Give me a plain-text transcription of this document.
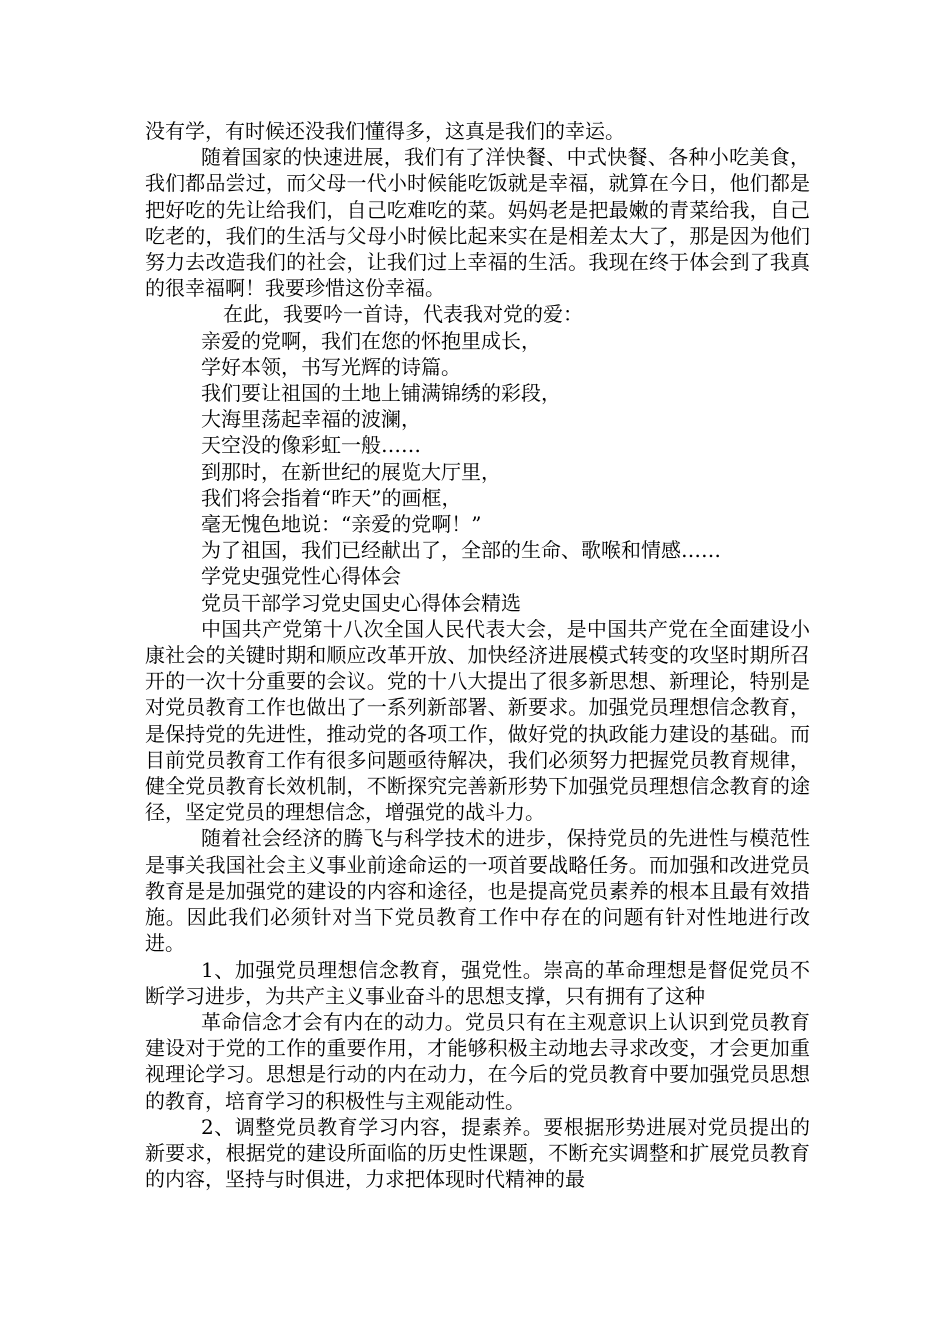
没有学，有时候还没我们懂得多，这真是我们的幸运。

随着国家的快速进展，我们有了洋快餐、中式快餐、各种小吃美食，我们都品尝过，而父母一代小时候能吃饭就是幸福，就算在今日，他们都是把好吃的先让给我们，自己吃难吃的菜。妈妈老是把最嫩的青菜给我，自己吃老的，我们的生活与父母小时候比起来实在是相差太大了，那是因为他们努力去改造我们的社会，让我们过上幸福的生活。我现在终于体会到了我真的很幸福啊！我要珍惜这份幸福。

在此，我要吟一首诗，代表我对党的爱：

亲爱的党啊，我们在您的怀抱里成长，

学好本领，书写光辉的诗篇。

我们要让祖国的土地上铺满锦绣的彩段，

大海里荡起幸福的波澜，

天空没的像彩虹一般……

到那时，在新世纪的展览大厅里，

我们将会指着“昨天”的画框，

毫无愧色地说：“亲爱的党啊！”

为了祖国，我们已经献出了，全部的生命、歌喉和情感……

学党史强党性心得体会

党员干部学习党史国史心得体会精选

中国共产党第十八次全国人民代表大会，是中国共产党在全面建设小康社会的关键时期和顺应改革开放、加快经济进展模式转变的攻坚时期所召开的一次十分重要的会议。党的十八大提出了很多新思想、新理论，特别是对党员教育工作也做出了一系列新部署、新要求。加强党员理想信念教育，是保持党的先进性，推动党的各项工作，做好党的执政能力建设的基础。而目前党员教育工作有很多问题亟待解决，我们必须努力把握党员教育规律，健全党员教育长效机制，不断探究完善新形势下加强党员理想信念教育的途径，坚定党员的理想信念，增强党的战斗力。

随着社会经济的腾飞与科学技术的进步，保持党员的先进性与模范性是事关我国社会主义事业前途命运的一项首要战略任务。而加强和改进党员教育是是加强党的建设的内容和途径，也是提高党员素养的根本且最有效措施。因此我们必须针对当下党员教育工作中存在的问题有针对性地进行改进。

1、加强党员理想信念教育，强党性。崇高的革命理想是督促党员不断学习进步，为共产主义事业奋斗的思想支撑，只有拥有了这种

革命信念才会有内在的动力。党员只有在主观意识上认识到党员教育建设对于党的工作的重要作用，才能够积极主动地去寻求改变，才会更加重视理论学习。思想是行动的内在动力，在今后的党员教育中要加强党员思想的教育，培育学习的积极性与主观能动性。

2、调整党员教育学习内容，提素养。要根据形势进展对党员提出的新要求，根据党的建设所面临的历史性课题，不断充实调整和扩展党员教育的内容，坚持与时俱进，力求把体现时代精神的最
